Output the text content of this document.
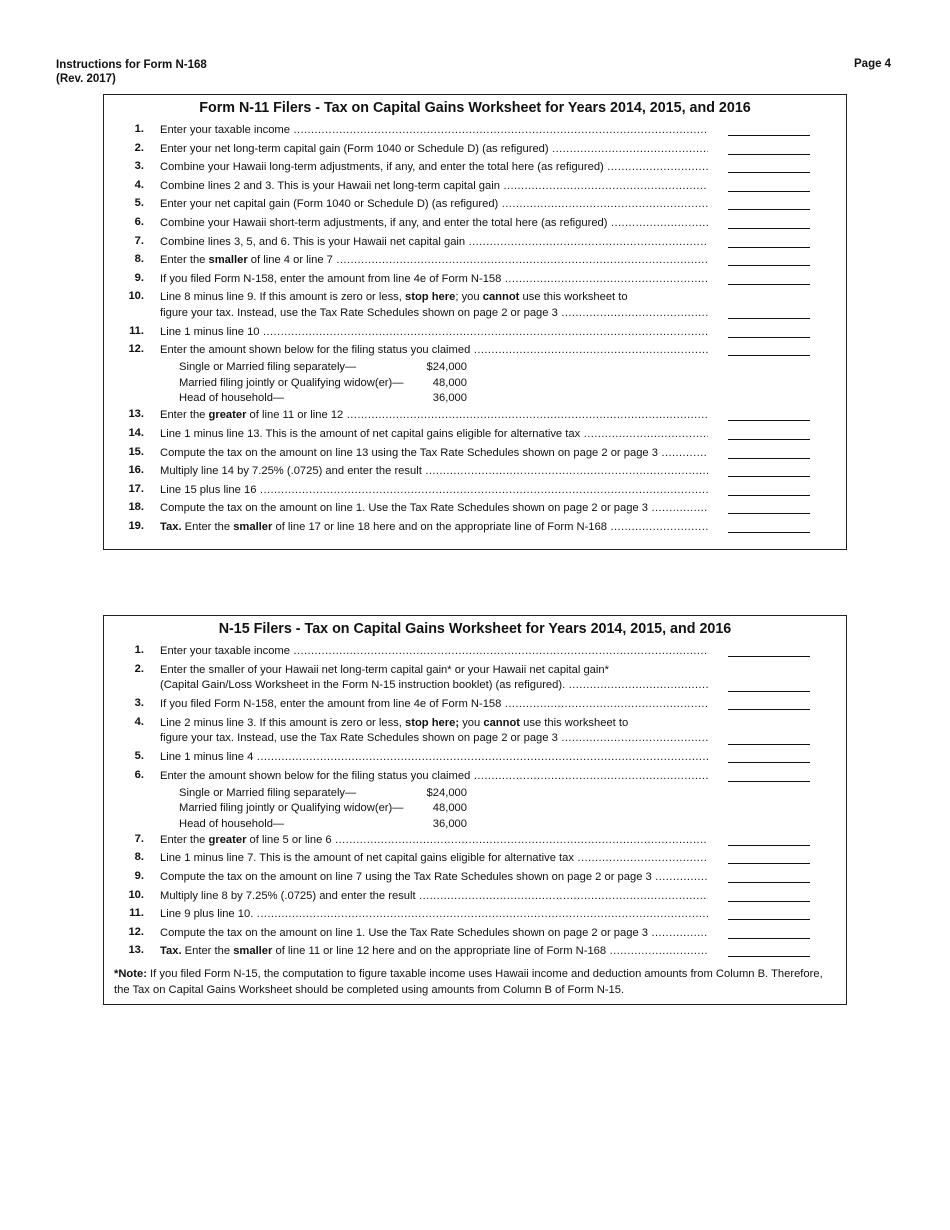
Instructions for Form N-168
(Rev. 2017)
Page 4
Form N-11 Filers - Tax on Capital Gains Worksheet for Years 2014, 2015, and 2016
1. Enter your taxable income .....
2. Enter your net long-term capital gain (Form 1040 or Schedule D) (as refigured) .....
3. Combine your Hawaii long-term adjustments, if any, and enter the total here (as refigured) .....
4. Combine lines 2 and 3. This is your Hawaii net long-term capital gain .....
5. Enter your net capital gain (Form 1040 or Schedule D) (as refigured) .....
6. Combine your Hawaii short-term adjustments, if any, and enter the total here (as refigured) .....
7. Combine lines 3, 5, and 6. This is your Hawaii net capital gain .....
8. Enter the smaller of line 4 or line 7 .....
9. If you filed Form N-158, enter the amount from line 4e of Form N-158 .....
10. Line 8 minus line 9. If this amount is zero or less, stop here; you cannot use this worksheet to
figure your tax. Instead, use the Tax Rate Schedules shown on page 2 or page 3 .....
11. Line 1 minus line 10 .....
12. Enter the amount shown below for the filing status you claimed .....
Single or Married filing separately—	$24,000
Married filing jointly or Qualifying widow(er)—	48,000
Head of household—	36,000
13. Enter the greater of line 11 or line 12 .....
14. Line 1 minus line 13. This is the amount of net capital gains eligible for alternative tax .....
15. Compute the tax on the amount on line 13 using the Tax Rate Schedules shown on page 2 or page 3 .....
16. Multiply line 14 by 7.25% (.0725) and enter the result .....
17. Line 15 plus line 16 .....
18. Compute the tax on the amount on line 1. Use the Tax Rate Schedules shown on page 2 or page 3 .....
19. Tax. Enter the smaller of line 17 or line 18 here and on the appropriate line of Form N-168 .....
N-15 Filers - Tax on Capital Gains Worksheet for Years 2014, 2015, and 2016
1. Enter your taxable income .....
2. Enter the smaller of your Hawaii net long-term capital gain* or your Hawaii net capital gain*
(Capital Gain/Loss Worksheet in the Form N-15 instruction booklet) (as refigured). .....
3. If you filed Form N-158, enter the amount from line 4e of Form N-158 .....
4. Line 2 minus line 3. If this amount is zero or less, stop here; you cannot use this worksheet to
figure your tax. Instead, use the Tax Rate Schedules shown on page 2 or page 3 .....
5. Line 1 minus line 4 .....
6. Enter the amount shown below for the filing status you claimed .....
Single or Married filing separately—	$24,000
Married filing jointly or Qualifying widow(er)—	48,000
Head of household—	36,000
7. Enter the greater of line 5 or line 6 .....
8. Line 1 minus line 7. This is the amount of net capital gains eligible for alternative tax .....
9. Compute the tax on the amount on line 7 using the Tax Rate Schedules shown on page 2 or page 3 .....
10. Multiply line 8 by 7.25% (.0725) and enter the result .....
11. Line 9 plus line 10. .....
12. Compute the tax on the amount on line 1. Use the Tax Rate Schedules shown on page 2 or page 3 .....
13. Tax. Enter the smaller of line 11 or line 12 here and on the appropriate line of Form N-168 .....
*Note: If you filed Form N-15, the computation to figure taxable income uses Hawaii income and deduction amounts from Column B. Therefore, the Tax on Capital Gains Worksheet should be completed using amounts from Column B of Form N-15.
